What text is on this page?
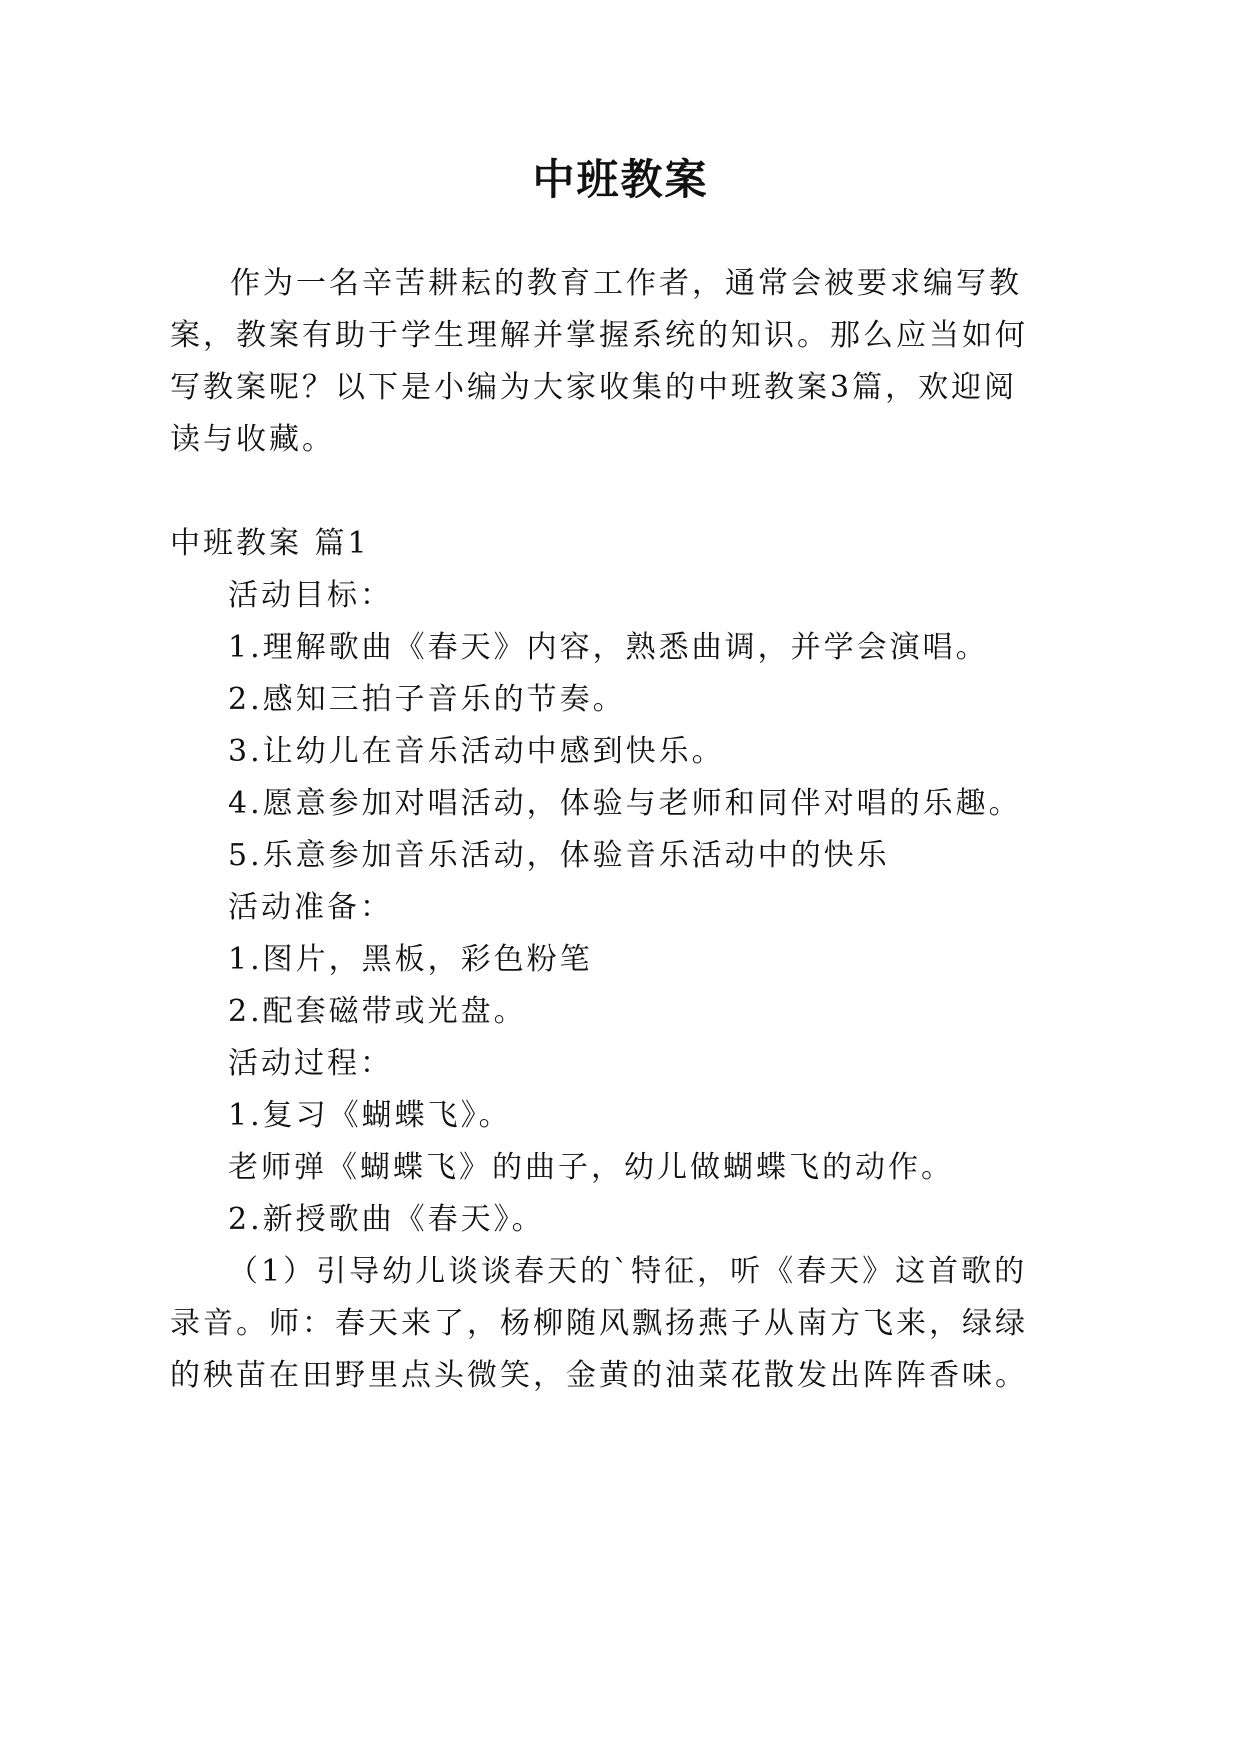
中班教案
作为一名辛苦耕耘的教育工作者，通常会被要求编写教
案，教案有助于学生理解并掌握系统的知识。那么应当如何
写教案呢？以下是小编为大家收集的中班教案3篇，欢迎阅
读与收藏。
中班教案 篇1
活动目标：
1.理解歌曲《春天》内容，熟悉曲调，并学会演唱。
2.感知三拍子音乐的节奏。
3.让幼儿在音乐活动中感到快乐。
4.愿意参加对唱活动，体验与老师和同伴对唱的乐趣。
5.乐意参加音乐活动，体验音乐活动中的快乐
活动准备：
1.图片，黑板，彩色粉笔
2.配套磁带或光盘。
活动过程：
1.复习《蝴蝶飞》。
老师弹《蝴蝶飞》的曲子，幼儿做蝴蝶飞的动作。
2.新授歌曲《春天》。
（1）引导幼儿谈谈春天的`特征，听《春天》这首歌的
录音。师：春天来了，杨柳随风飘扬燕子从南方飞来，绿绿
的秧苗在田野里点头微笑，金黄的油菜花散发出阵阵香味。
